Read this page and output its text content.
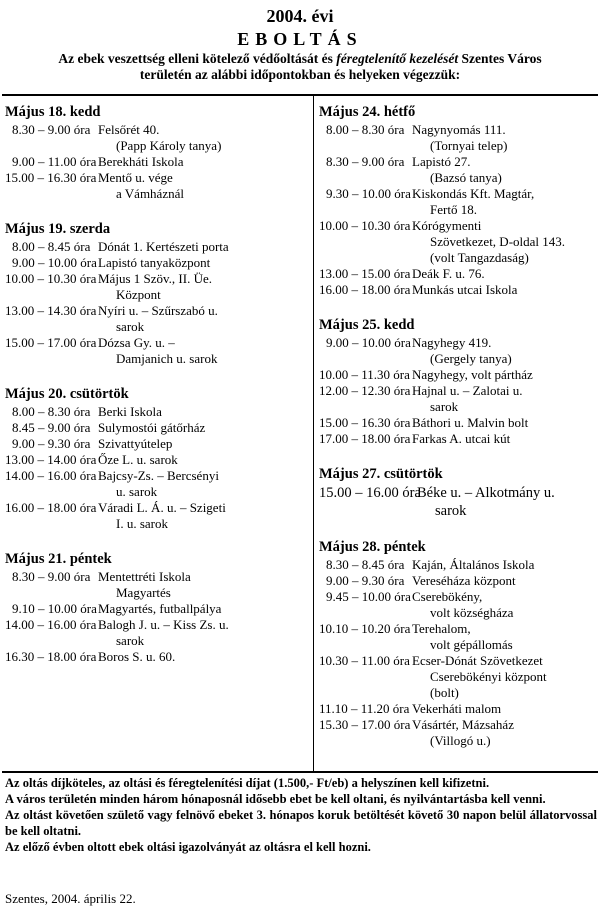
2004. évi
EBOLTÁS
Az ebek veszettség elleni kötelező védőoltását és féregtelenítő kezelését Szentes Város
területén az alábbi időpontokban és helyeken végezzük:
Május 18. kedd
8.30 – 9.00 óra Felsőrét 40.
(Papp Károly tanya)
9.00 – 11.00 óra Berekháti Iskola
15.00 – 16.30 óra Mentő u. vége
a Vámháznál
Május 19. szerda
8.00 – 8.45 óra Dónát 1. Kertészeti porta
9.00 – 10.00 óra Lapistó tanyaközpont
10.00 – 10.30 óra Május 1 Szöv., II. Üe.
Központ
13.00 – 14.30 óra Nyíri u. – Szűrszabó u.
sarok
15.00 – 17.00 óra Dózsa Gy. u. –
Damjanich u. sarok
Május 20. csütörtök
8.00 – 8.30 óra Berki Iskola
8.45 – 9.00 óra Sulymostói gátőrház
9.00 – 9.30 óra Szivattyútelep
13.00 – 14.00 óra Őze L. u. sarok
14.00 – 16.00 óra Bajcsy-Zs. – Bercsényi
u. sarok
16.00 – 18.00 óra Váradi L. Á. u. – Szigeti
I. u. sarok
Május 21. péntek
8.30 – 9.00 óra Mentettréti Iskola
Magyartés
9.10 – 10.00 óra Magyartés, futballpálya
14.00 – 16.00 óra Balogh J. u. – Kiss Zs. u.
sarok
16.30 – 18.00 óra Boros S. u. 60.
Május 24. hétfő
8.00 – 8.30 óra Nagynyomás 111.
(Tornyai telep)
8.30 – 9.00 óra Lapistó 27.
(Bazsó tanya)
9.30 – 10.00 óra Kiskondás Kft. Magtár,
Fertő 18.
10.00 – 10.30 óra Kórógymenti
Szövetkezet, D-oldal 143.
(volt Tangazdaság)
13.00 – 15.00 óra Deák F. u. 76.
16.00 – 18.00 óra Munkás utcai Iskola
Május 25. kedd
9.00 – 10.00 óra Nagyhegy 419.
(Gergely tanya)
10.00 – 11.30 óra Nagyhegy, volt pártház
12.00 – 12.30 óra Hajnal u. – Zalotai u.
sarok
15.00 – 16.30 óra Báthori u. Malvin bolt
17.00 – 18.00 óra Farkas A. utcai kút
Május 27. csütörtök
15.00 – 16.00 óra
Béke u. – Alkotmány u.
sarok
Május 28. péntek
8.30 – 8.45 óra Kaján, Általános Iskola
9.00 – 9.30 óra Vereséháza központ
9.45 – 10.00 óra Cserebökény,
volt községháza
10.10 – 10.20 óra Terehalom,
volt gépállomás
10.30 – 11.00 óra Ecser-Dónát Szövetkezet
Cserebökényi központ
(bolt)
11.10 – 11.20 óra Vekerháti malom
15.30 – 17.00 óra Vásártér, Mázsaház
(Villogó u.)
Az oltás díjköteles, az oltási és féregtelenítési díjat (1.500,- Ft/eb) a helyszínen kell kifizetni.
A város területén minden három hónaposnál idősebb ebet be kell oltani, és nyilvántartásba kell venni.
Az oltást követően születő vagy felnövő ebeket 3. hónapos koruk betöltését követő 30 napon belül állatorvossal be kell oltatni.
Az előző évben oltott ebek oltási igazolványát az oltásra el kell hozni.
Szentes, 2004. április 22.
